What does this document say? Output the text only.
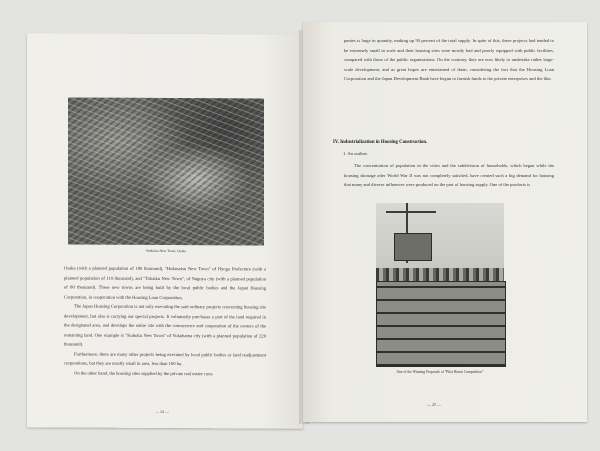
Senboku New Town, Osaka

Osaka (with a planned population of 180 thousand), "Hokusetsu New Town" of Hyogo Prefecture (with a planned population of 110 thousand), and "Tokaiku New Town", of Nagoya city (with a planned population of 80 thousand). These new towns are being built by the local public bodies and the Japan Housing Corporation, in cooperation with the Housing Loan Corporation.

The Japan Housing Corporation is not only executing the said ordinary projects concerning housing site development, but also is carrying out special projects. It voluntarily purchases a part of the land required in the designated area, and develops the entire site with the concurrence and cooperation of the owners of the remaining land. One example is "Kohoku New Town" of Yokohama city (with a planned population of 220 thousand).

Furthermore, there are many other projects being executed by local public bodies or land readjustment corporations, but they are mostly small in area, less than 100 ha.

On the other hand, the housing sites supplied by the private real estate com-

— 24 —
panies is large in quantity, making up 50 percent of the total supply. In spite of this, these projects had tended to be extremely small in scale and their housing sites were mostly bad and poorly equipped with public facilities, compared with those of the public organizations. On the contrary, they are now likely to undertake rather large-scale development, and as great hopes are entertained of them, considering the fact that the Housing Loan Corporation and the Japan Development Bank have begun to furnish funds to the private enterprises and the like.
IV. Industrialization in Housing Construction.
1. An outline.
The concentration of population in the cities and the subdivision of households, which began while the housing shortage after World War II was not completely satisfied, have created such a big demand for housing that many and diverse influences were produced on the part of housing supply. One of the products is
One of the Winning Proposals of "Pilot House Competition"
— 25 —
